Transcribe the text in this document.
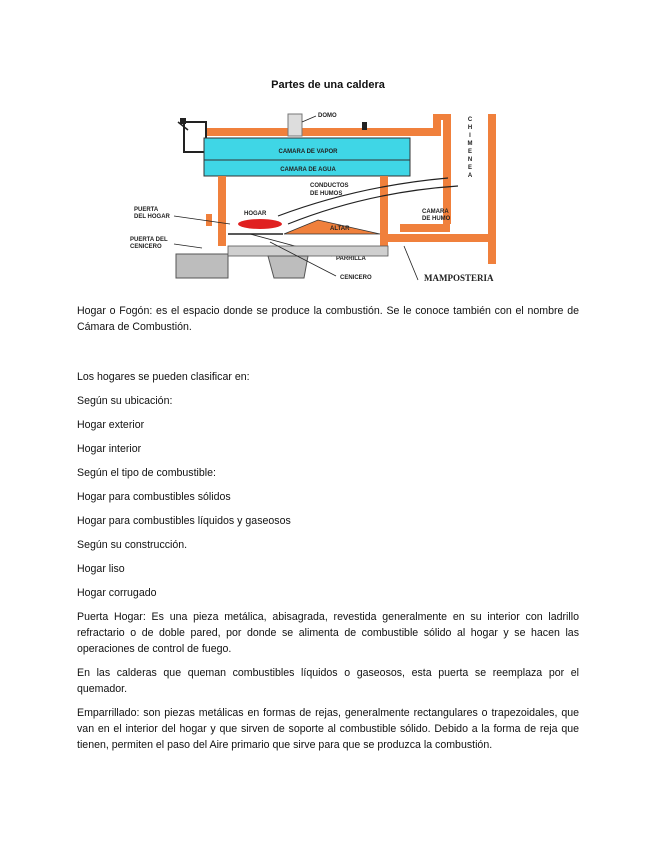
Partes de una caldera
DOMO
CAMARA DE VAPOR
CAMARA DE AGUA
C
H
I
M
E
N
E
A
CONDUCTOS
DE HUMOS
CAMARA
DE HUMO
ALTAR
HOGAR
PUERTA
DEL HOGAR
PARRILLA
PUERTA DEL
CENICERO
CENICERO	MAMPOSTERIA

Hogar o Fogón: es el espacio donde se produce la combustión. Se le conoce también con el nombre de Cámara de Combustión.

Los hogares se pueden clasificar en:

Según su ubicación:

Hogar exterior

Hogar interior

Según el tipo de combustible:

Hogar para combustibles sólidos

Hogar para combustibles líquidos y gaseosos

Según su construcción.

Hogar liso

Hogar corrugado

Puerta Hogar: Es una pieza metálica, abisagrada, revestida generalmente en su interior con ladrillo refractario o de doble pared, por donde se alimenta de combustible sólido al hogar y se hacen las operaciones de control de fuego.

En las calderas que queman combustibles líquidos o gaseosos, esta puerta se reemplaza por el quemador.

Emparrillado: son piezas metálicas en formas de rejas, generalmente rectangulares o trapezoidales, que van en el interior del hogar y que sirven de soporte al combustible sólido. Debido a la forma de reja que tienen, permiten el paso del Aire primario que sirve para que se produzca la combustión.
